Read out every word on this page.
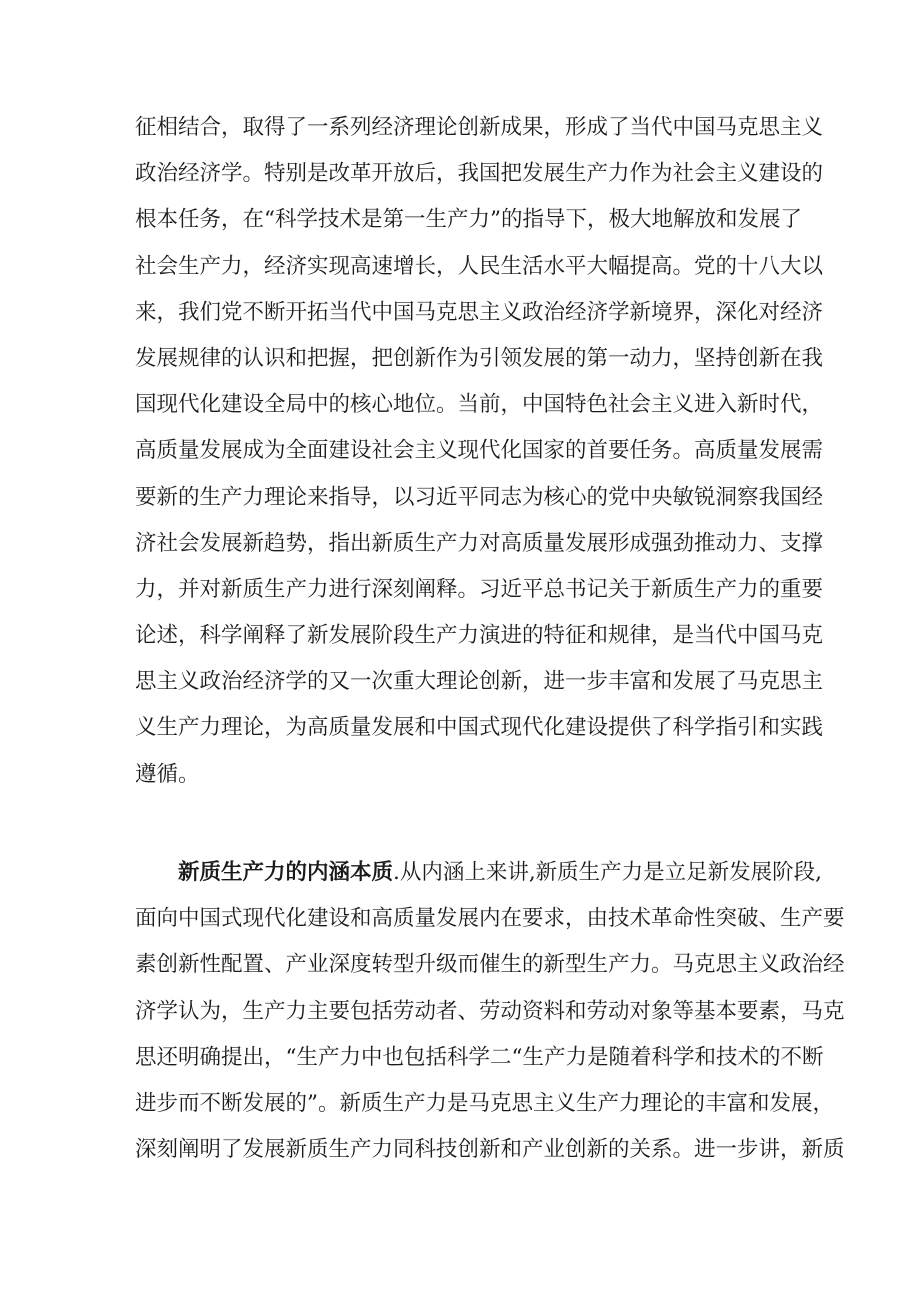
征相结合，取得了一系列经济理论创新成果，形成了当代中国马克思主义
政治经济学。特别是改革开放后，我国把发展生产力作为社会主义建设的
根本任务，在“科学技术是第一生产力”的指导下，极大地解放和发展了
社会生产力，经济实现高速增长，人民生活水平大幅提高。党的十八大以
来，我们党不断开拓当代中国马克思主义政治经济学新境界，深化对经济
发展规律的认识和把握，把创新作为引领发展的第一动力，坚持创新在我
国现代化建设全局中的核心地位。当前，中国特色社会主义进入新时代，
高质量发展成为全面建设社会主义现代化国家的首要任务。高质量发展需
要新的生产力理论来指导，以习近平同志为核心的党中央敏锐洞察我国经
济社会发展新趋势，指出新质生产力对高质量发展形成强劲推动力、支撑
力，并对新质生产力进行深刻阐释。习近平总书记关于新质生产力的重要
论述，科学阐释了新发展阶段生产力演进的特征和规律，是当代中国马克
思主义政治经济学的又一次重大理论创新，进一步丰富和发展了马克思主
义生产力理论，为高质量发展和中国式现代化建设提供了科学指引和实践
遵循。
新质生产力的内涵本质.从内涵上来讲,新质生产力是立足新发展阶段,
面向中国式现代化建设和高质量发展内在要求，由技术革命性突破、生产要
素创新性配置、产业深度转型升级而催生的新型生产力。马克思主义政治经
济学认为，生产力主要包括劳动者、劳动资料和劳动对象等基本要素，马克
思还明确提出，“生产力中也包括科学二“生产力是随着科学和技术的不断
进步而不断发展的”。新质生产力是马克思主义生产力理论的丰富和发展，
深刻阐明了发展新质生产力同科技创新和产业创新的关系。进一步讲，新质
